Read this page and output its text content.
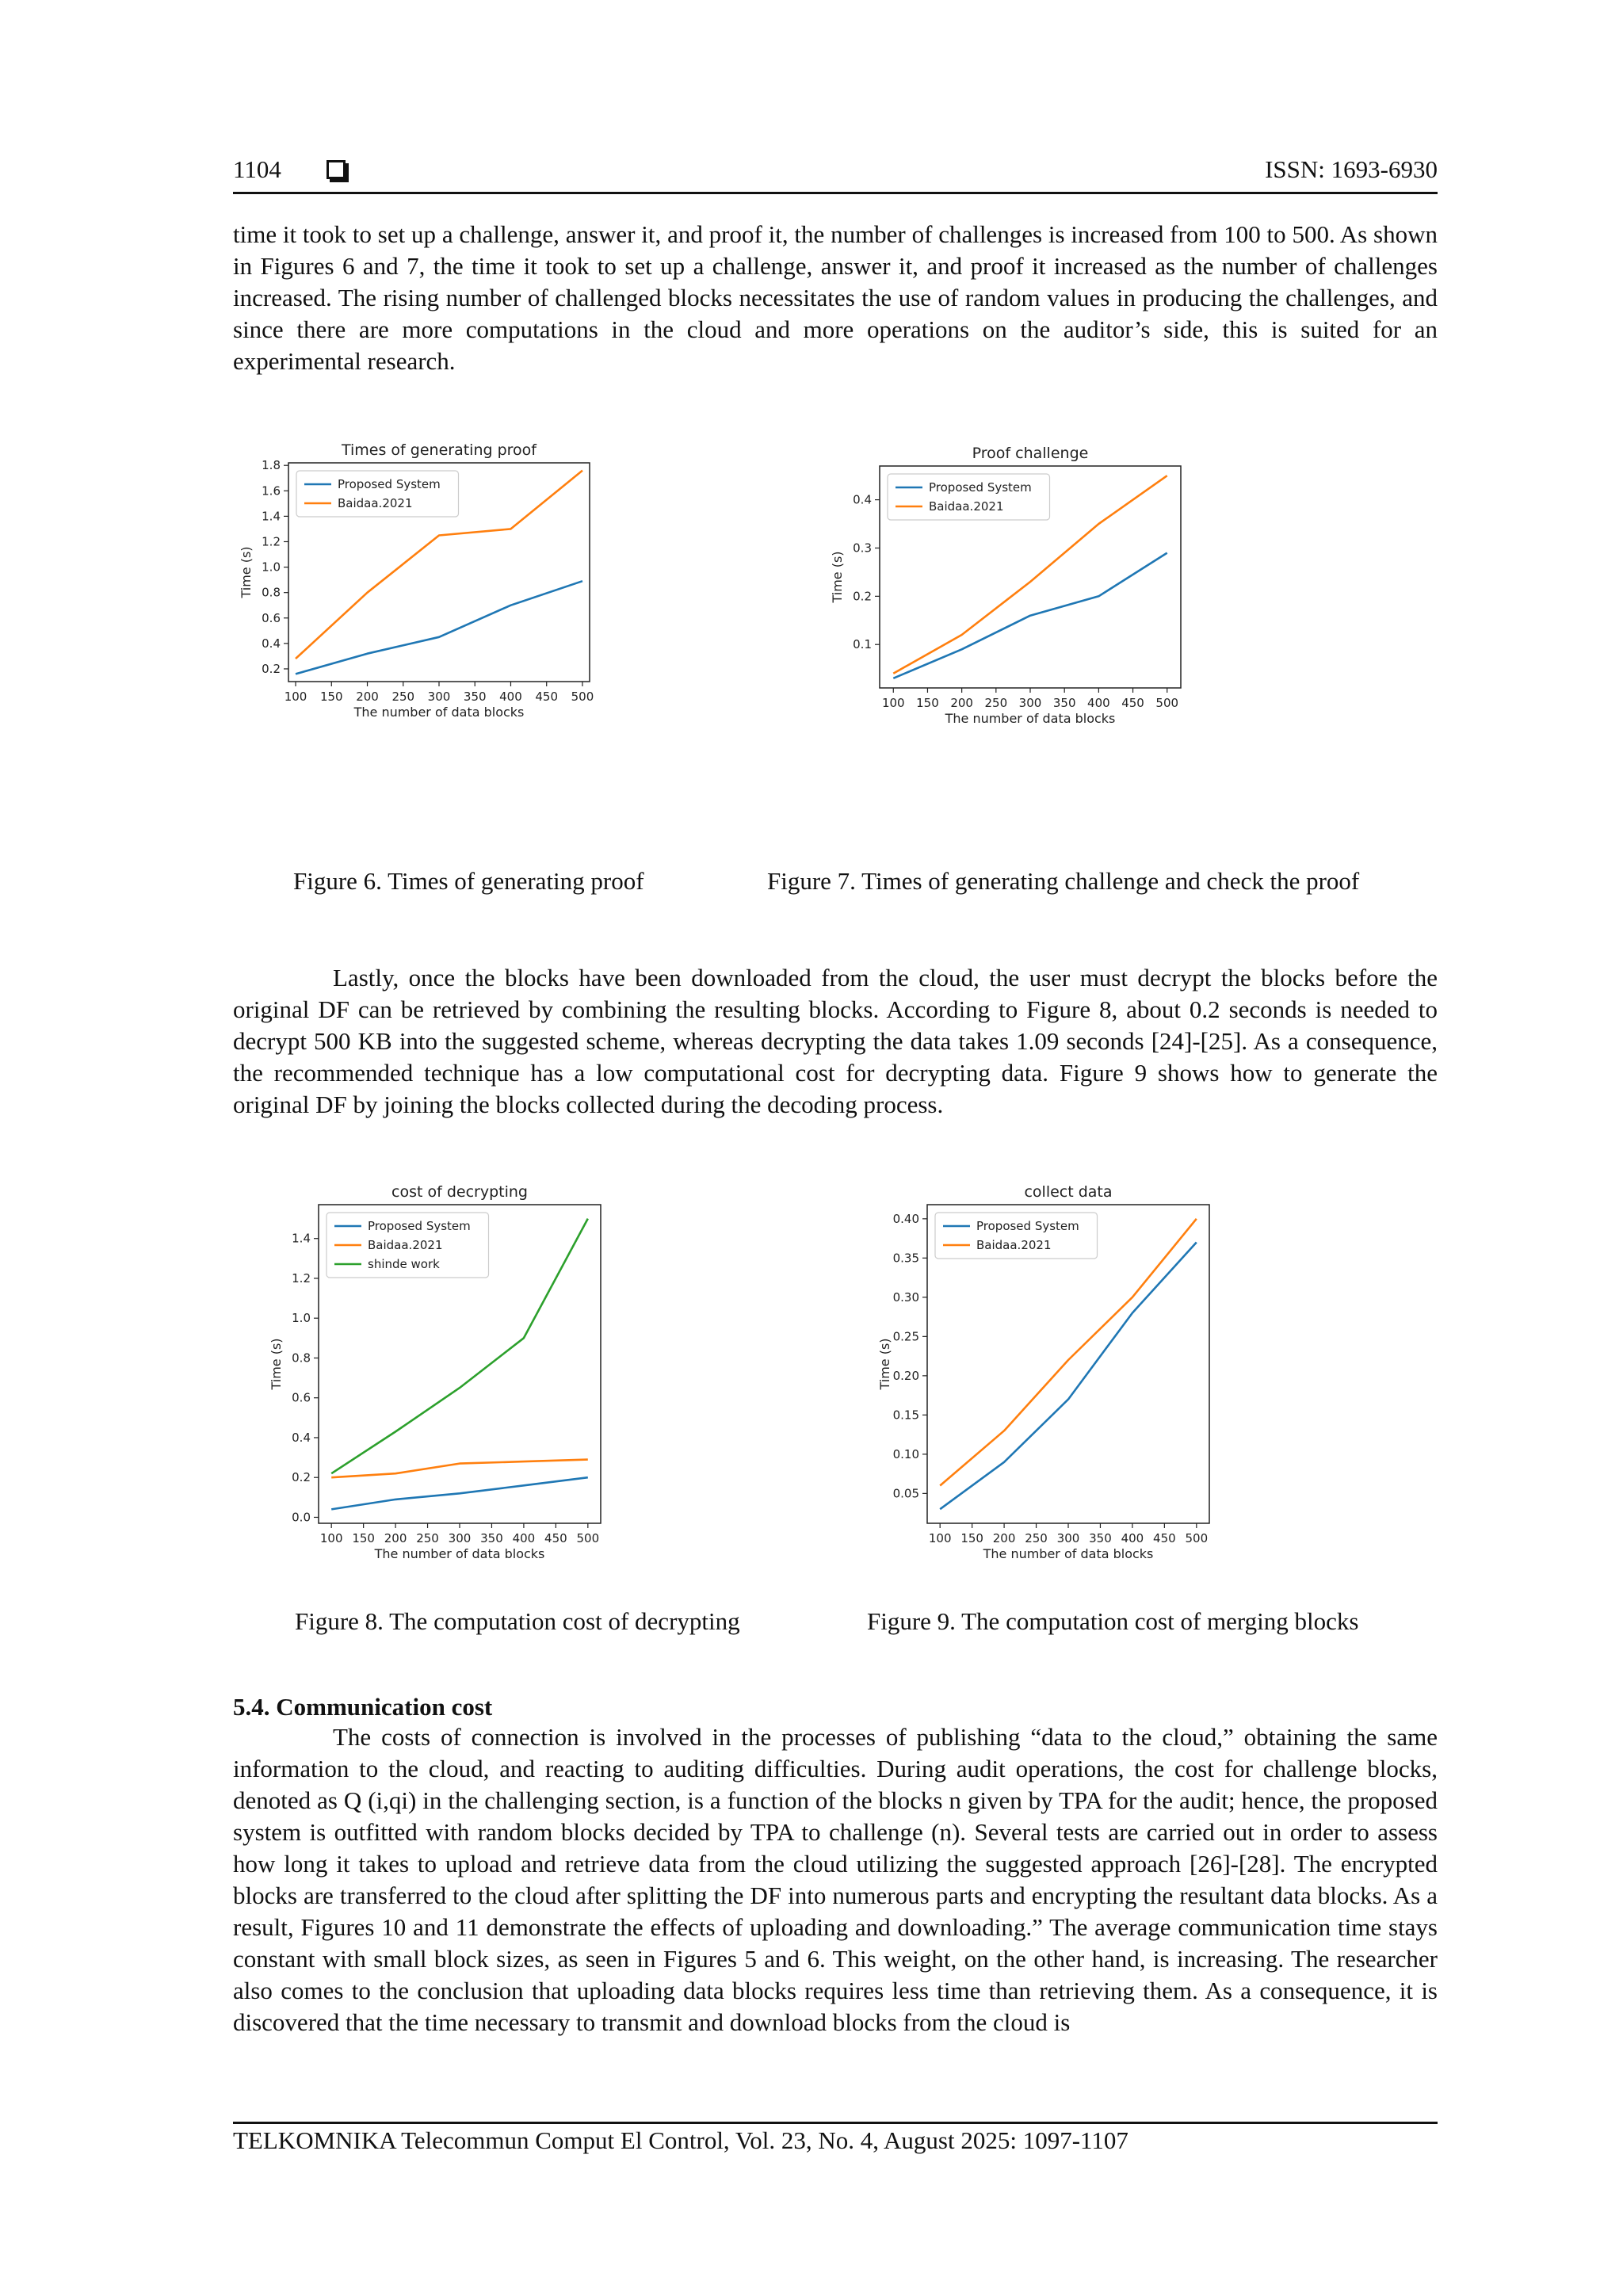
1104	ISSN: 1693-6930

time it took to set up a challenge, answer it, and proof it, the number of challenges is increased from 100 to 500. As shown in Figures 6 and 7, the time it took to set up a challenge, answer it, and proof it increased as the number of challenges increased. The rising number of challenged blocks necessitates the use of random values in producing the challenges, and since there are more computations in the cloud and more operations on the auditor’s side, this is suited for an experimental research.

Times of generating proof
100 150 200 250 300 350 400 450 500
0.2
0.4
0.6
0.8
1.0
1.2
1.4
1.6
1.8
The number of data blocks
Time (s)
Proposed System
Baidaa.2021
Proof challenge
100 150 200 250 300 350 400 450 500
0.1
0.2
0.3
0.4
The number of data blocks
Time (s)
Proposed System
Baidaa.2021
Figure 6. Times of generating proof	Figure 7. Times of generating challenge and check the proof

Lastly, once the blocks have been downloaded from the cloud, the user must decrypt the blocks before the original DF can be retrieved by combining the resulting blocks. According to Figure 8, about 0.2 seconds is needed to decrypt 500 KB into the suggested scheme, whereas decrypting the data takes 1.09 seconds [24]-[25]. As a consequence, the recommended technique has a low computational cost for decrypting data. Figure 9 shows how to generate the original DF by joining the blocks collected during the decoding process.

cost of decrypting
100 150 200 250 300 350 400 450 500
0.0
0.2
0.4
0.6
0.8
1.0
1.2
1.4
The number of data blocks
Time (s)
Proposed System
Baidaa.2021
shinde work
collect data
100 150 200 250 300 350 400 450 500
0.05
0.10
0.15
0.20
0.25
0.30
0.35
0.40
The number of data blocks
Time (s)
Proposed System
Baidaa.2021
Figure 8. The computation cost of decrypting	Figure 9. The computation cost of merging blocks
5.4. Communication cost

The costs of connection is involved in the processes of publishing “data to the cloud,” obtaining the same information to the cloud, and reacting to auditing difficulties. During audit operations, the cost for challenge blocks, denoted as Q (i,qi) in the challenging section, is a function of the blocks n given by TPA for the audit; hence, the proposed system is outfitted with random blocks decided by TPA to challenge (n). Several tests are carried out in order to assess how long it takes to upload and retrieve data from the cloud utilizing the suggested approach [26]-[28]. The encrypted blocks are transferred to the cloud after splitting the DF into numerous parts and encrypting the resultant data blocks. As a result, Figures 10 and 11 demonstrate the effects of uploading and downloading.” The average communication time stays constant with small block sizes, as seen in Figures 5 and 6. This weight, on the other hand, is increasing. The researcher also comes to the conclusion that uploading data blocks requires less time than retrieving them. As a consequence, it is discovered that the time necessary to transmit and download blocks from the cloud is

TELKOMNIKA Telecommun Comput El Control, Vol. 23, No. 4, August 2025: 1097-1107
